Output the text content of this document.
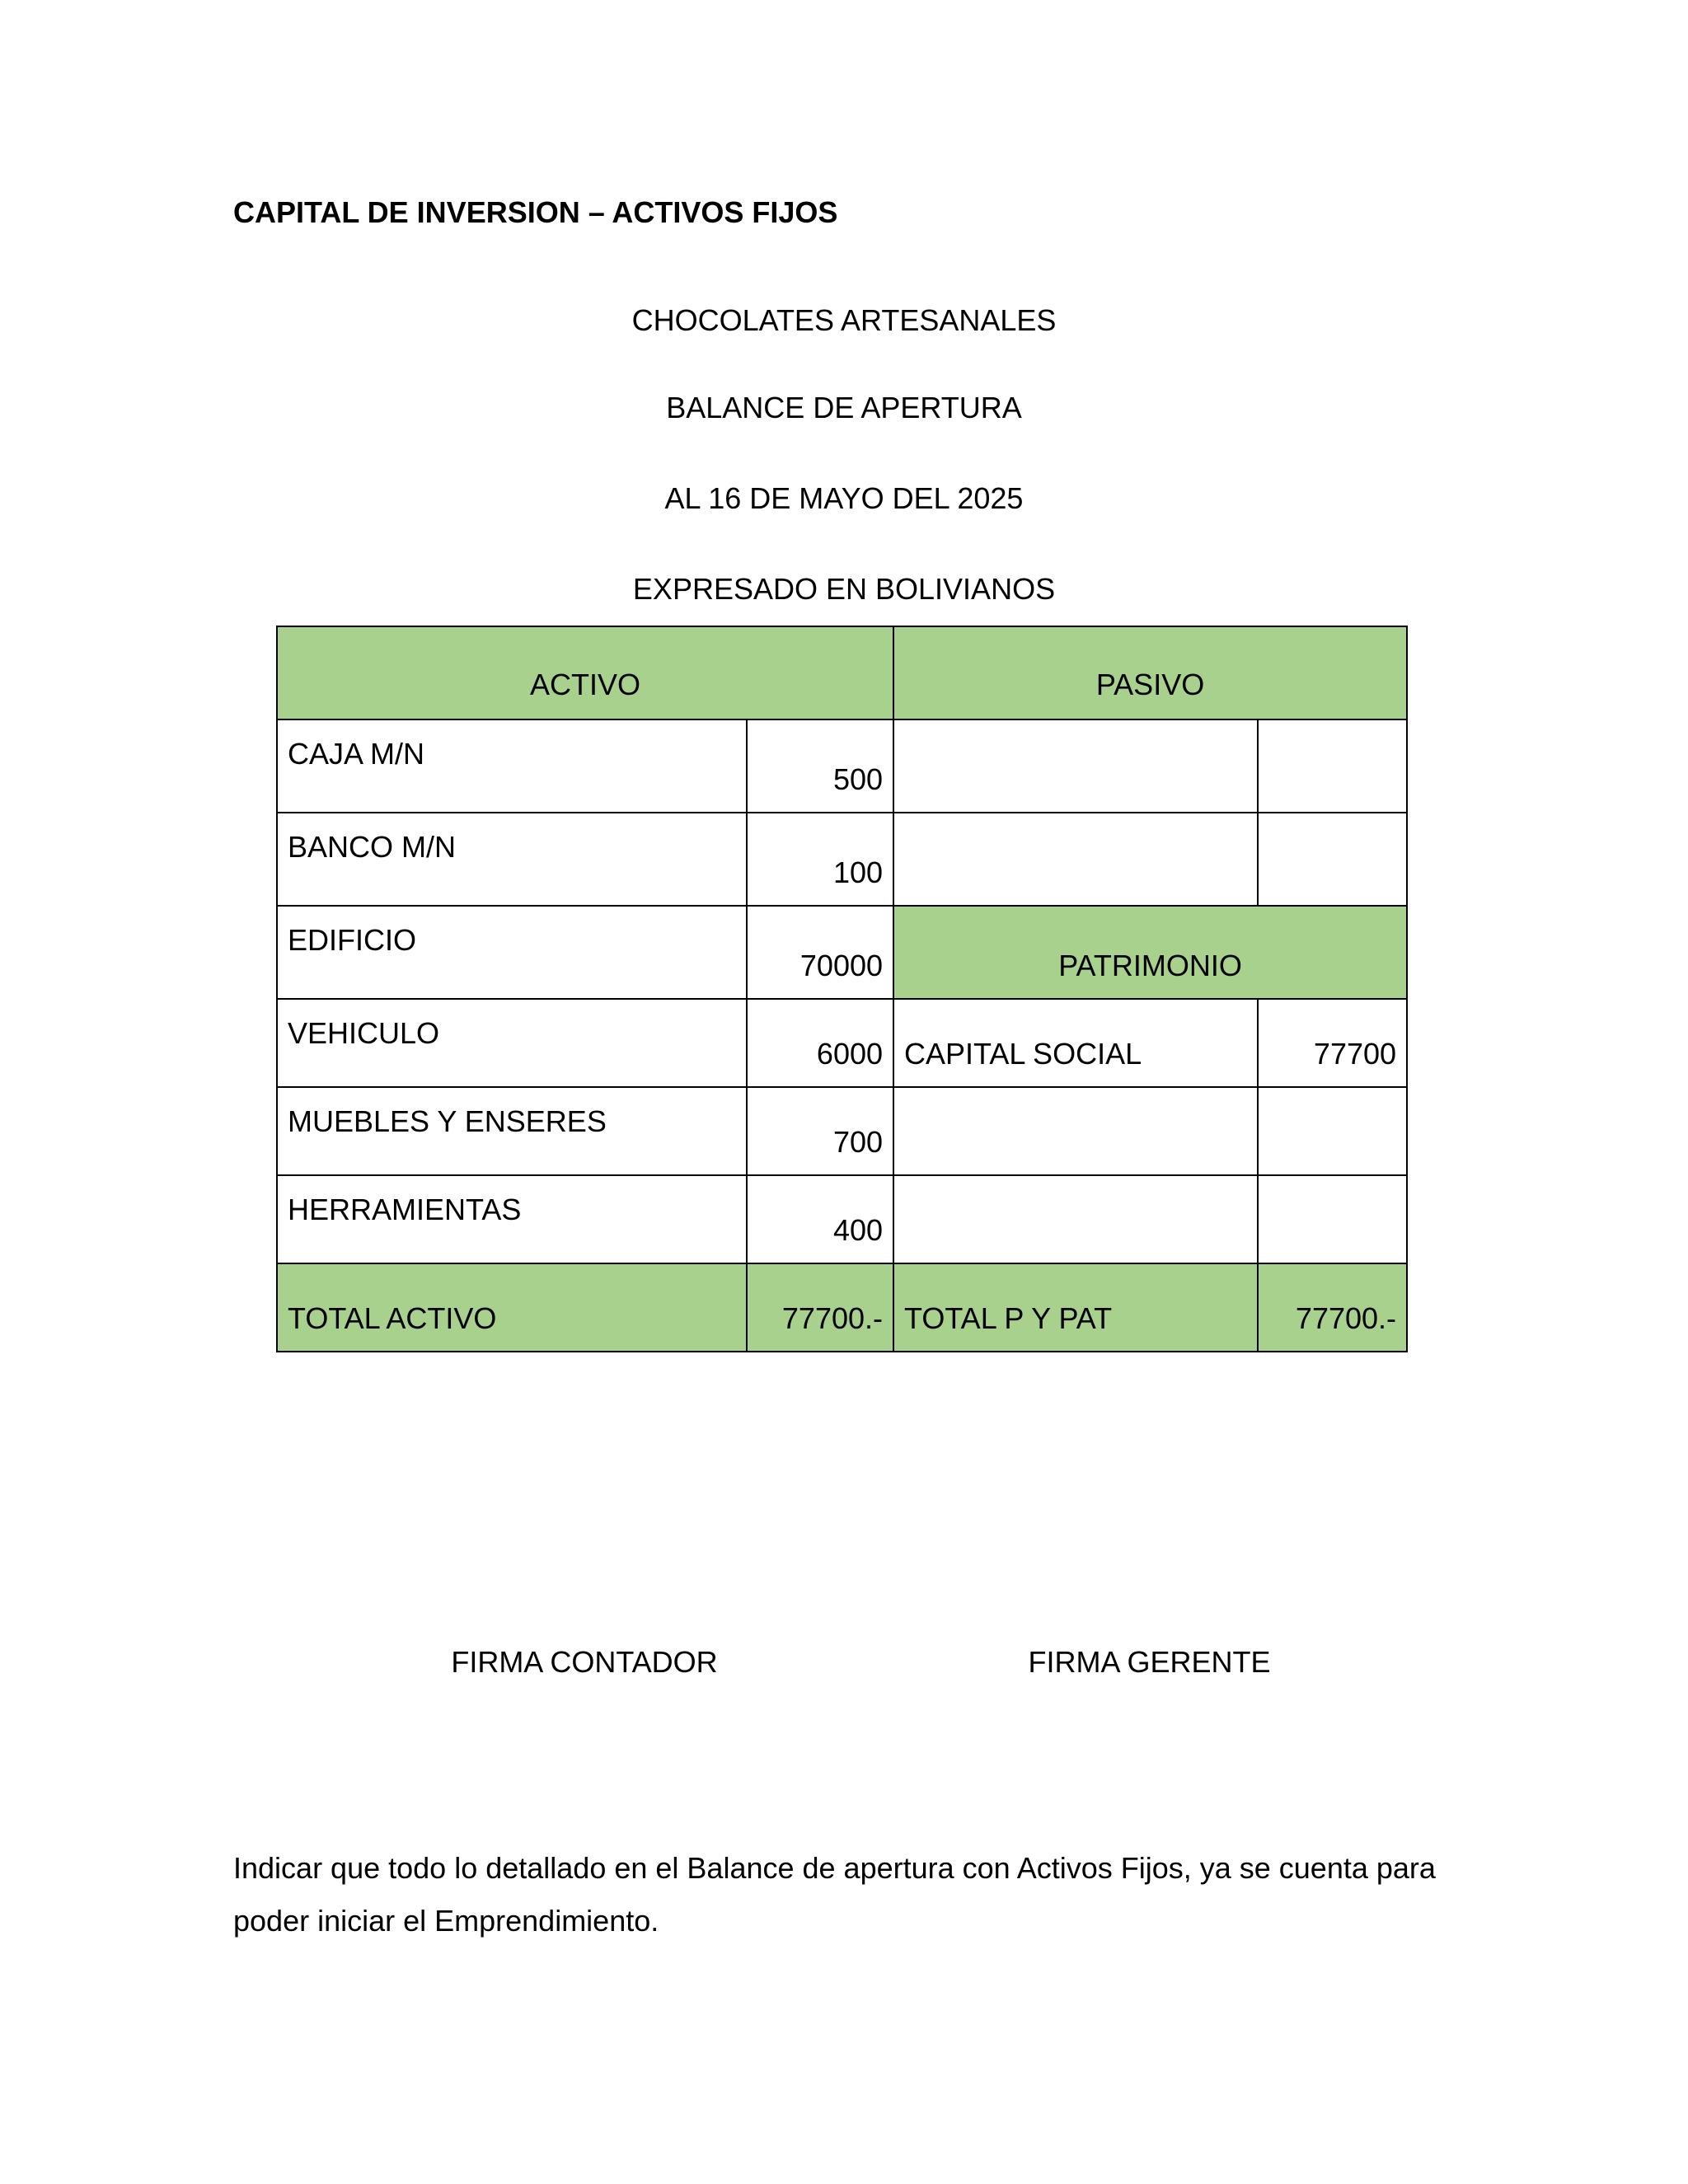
CAPITAL DE INVERSION – ACTIVOS FIJOS
CHOCOLATES ARTESANALES
BALANCE DE APERTURA
AL 16 DE MAYO DEL 2025
EXPRESADO EN BOLIVIANOS
ACTIVO		PASIVO	
CAJA M/N	500		
BANCO M/N	100		
EDIFICIO	70000	PATRIMONIO	
VEHICULO	6000	CAPITAL SOCIAL	77700
MUEBLES Y ENSERES	700		
HERRAMIENTAS	400		
TOTAL ACTIVO	77700.-	TOTAL P Y PAT	77700.-
FIRMA CONTADOR	FIRMA GERENTE

Indicar que todo lo detallado en el Balance de apertura con Activos Fijos, ya se cuenta para poder iniciar el Emprendimiento.
